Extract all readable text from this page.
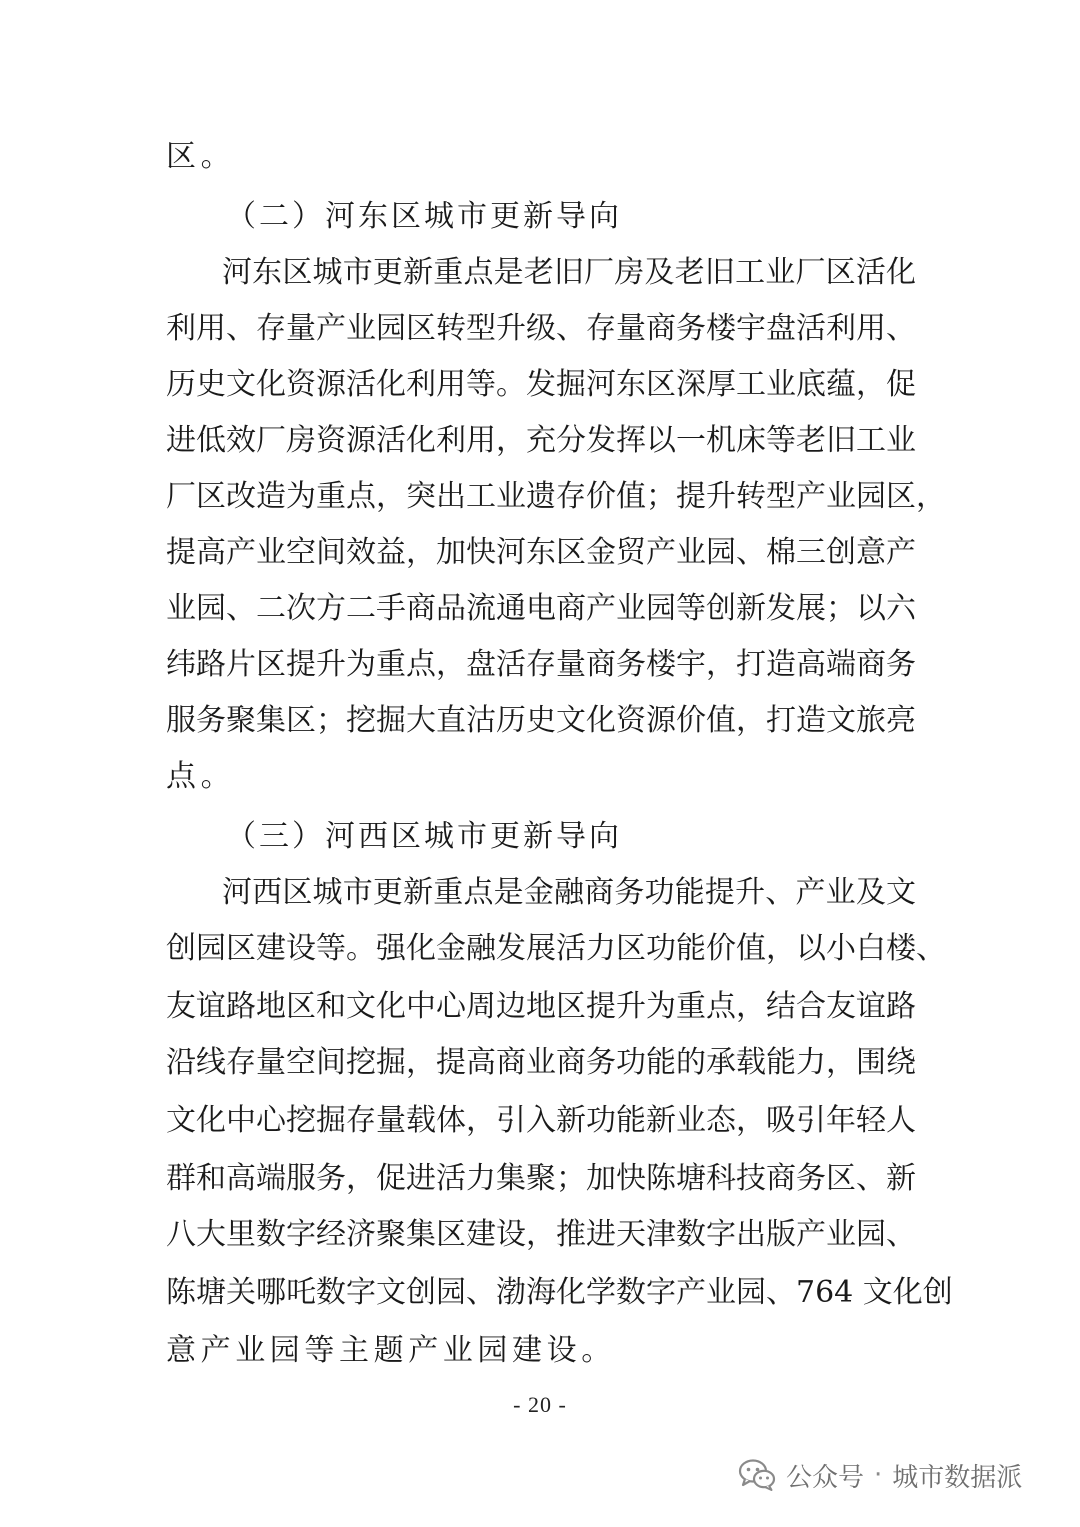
区。
（二）河东区城市更新导向
河东区城市更新重点是老旧厂房及老旧工业厂区活化
利用、存量产业园区转型升级、存量商务楼宇盘活利用、
历史文化资源活化利用等。发掘河东区深厚工业底蕴，促
进低效厂房资源活化利用，充分发挥以一机床等老旧工业
厂区改造为重点，突出工业遗存价值；提升转型产业园区，
提高产业空间效益，加快河东区金贸产业园、棉三创意产
业园、二次方二手商品流通电商产业园等创新发展；以六
纬路片区提升为重点，盘活存量商务楼宇，打造高端商务
服务聚集区；挖掘大直沽历史文化资源价值，打造文旅亮
点。
（三）河西区城市更新导向
河西区城市更新重点是金融商务功能提升、产业及文
创园区建设等。强化金融发展活力区功能价值，以小白楼、
友谊路地区和文化中心周边地区提升为重点，结合友谊路
沿线存量空间挖掘，提高商业商务功能的承载能力，围绕
文化中心挖掘存量载体，引入新功能新业态，吸引年轻人
群和高端服务，促进活力集聚；加快陈塘科技商务区、新
八大里数字经济聚集区建设，推进天津数字出版产业园、
陈塘关哪吒数字文创园、渤海化学数字产业园、764 文化创
意产业园等主题产业园建设。
- 20 -
公众号 · 城市数据派
